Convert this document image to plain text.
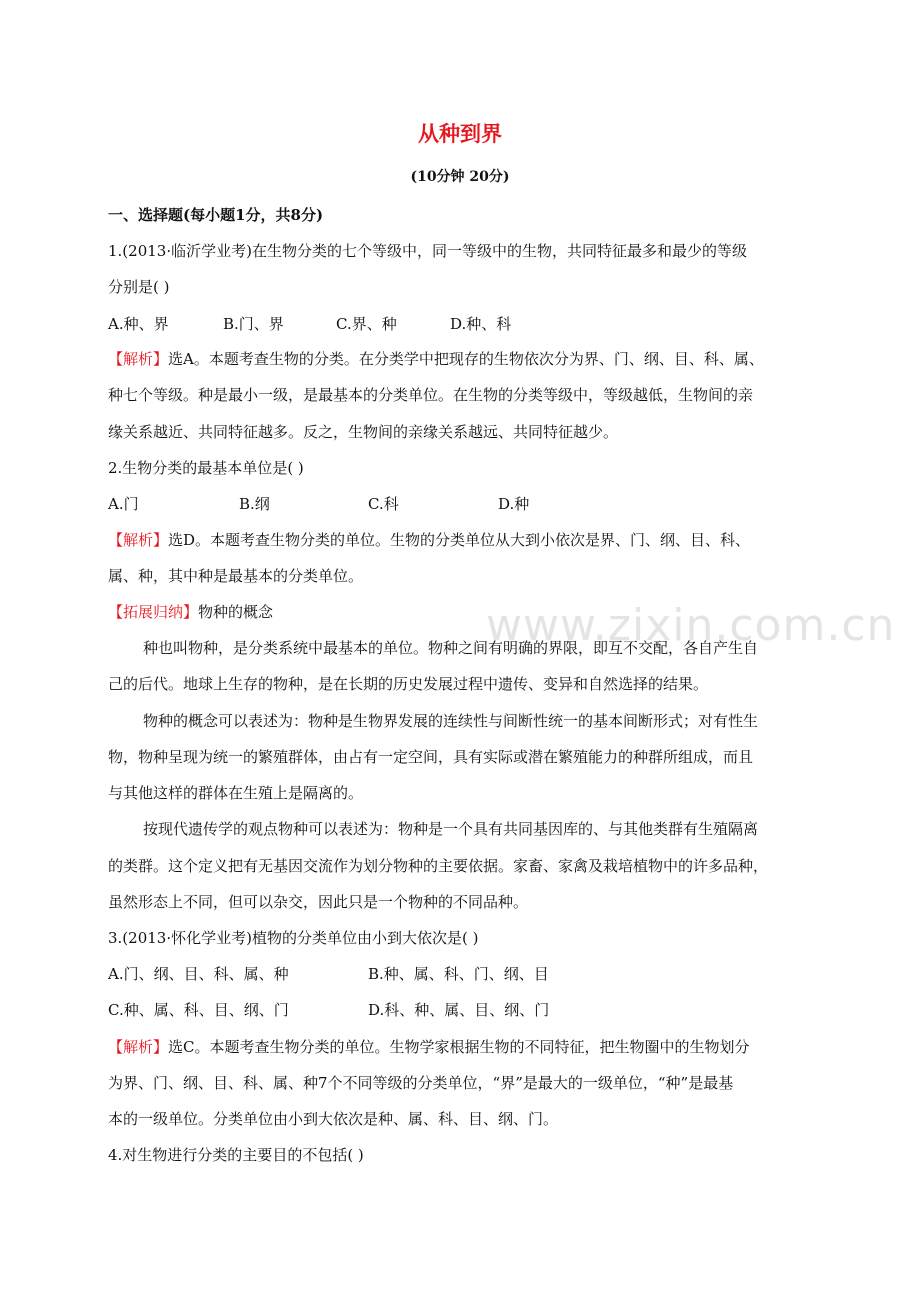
www.zixin.com.cn
从种到界
(10分钟 20分)
一、选择题(每小题1分，共8分)
1.(2013·临沂学业考)在生物分类的七个等级中，同一等级中的生物，共同特征最多和最少的等级
分别是( )
A.种、界	B.门、界	C.界、种	D.种、科
【解析】选A。本题考查生物的分类。在分类学中把现存的生物依次分为界、门、纲、目、科、属、
种七个等级。种是最小一级，是最基本的分类单位。在生物的分类等级中，等级越低，生物间的亲
缘关系越近、共同特征越多。反之，生物间的亲缘关系越远、共同特征越少。
2.生物分类的最基本单位是( )
A.门	B.纲	C.科	D.种
【解析】选D。本题考查生物分类的单位。生物的分类单位从大到小依次是界、门、纲、目、科、
属、种，其中种是最基本的分类单位。
【拓展归纳】物种的概念
种也叫物种，是分类系统中最基本的单位。物种之间有明确的界限，即互不交配，各自产生自
己的后代。地球上生存的物种，是在长期的历史发展过程中遗传、变异和自然选择的结果。
物种的概念可以表述为：物种是生物界发展的连续性与间断性统一的基本间断形式；对有性生
物，物种呈现为统一的繁殖群体，由占有一定空间，具有实际或潜在繁殖能力的种群所组成，而且
与其他这样的群体在生殖上是隔离的。
按现代遗传学的观点物种可以表述为：物种是一个具有共同基因库的、与其他类群有生殖隔离
的类群。这个定义把有无基因交流作为划分物种的主要依据。家畜、家禽及栽培植物中的许多品种，
虽然形态上不同，但可以杂交，因此只是一个物种的不同品种。
3.(2013·怀化学业考)植物的分类单位由小到大依次是( )
A.门、纲、目、科、属、种	B.种、属、科、门、纲、目
C.种、属、科、目、纲、门	D.科、种、属、目、纲、门
【解析】选C。本题考查生物分类的单位。生物学家根据生物的不同特征，把生物圈中的生物划分
为界、门、纲、目、科、属、种7个不同等级的分类单位，“界”是最大的一级单位，“种”是最基
本的一级单位。分类单位由小到大依次是种、属、科、目、纲、门。
4.对生物进行分类的主要目的不包括( )
